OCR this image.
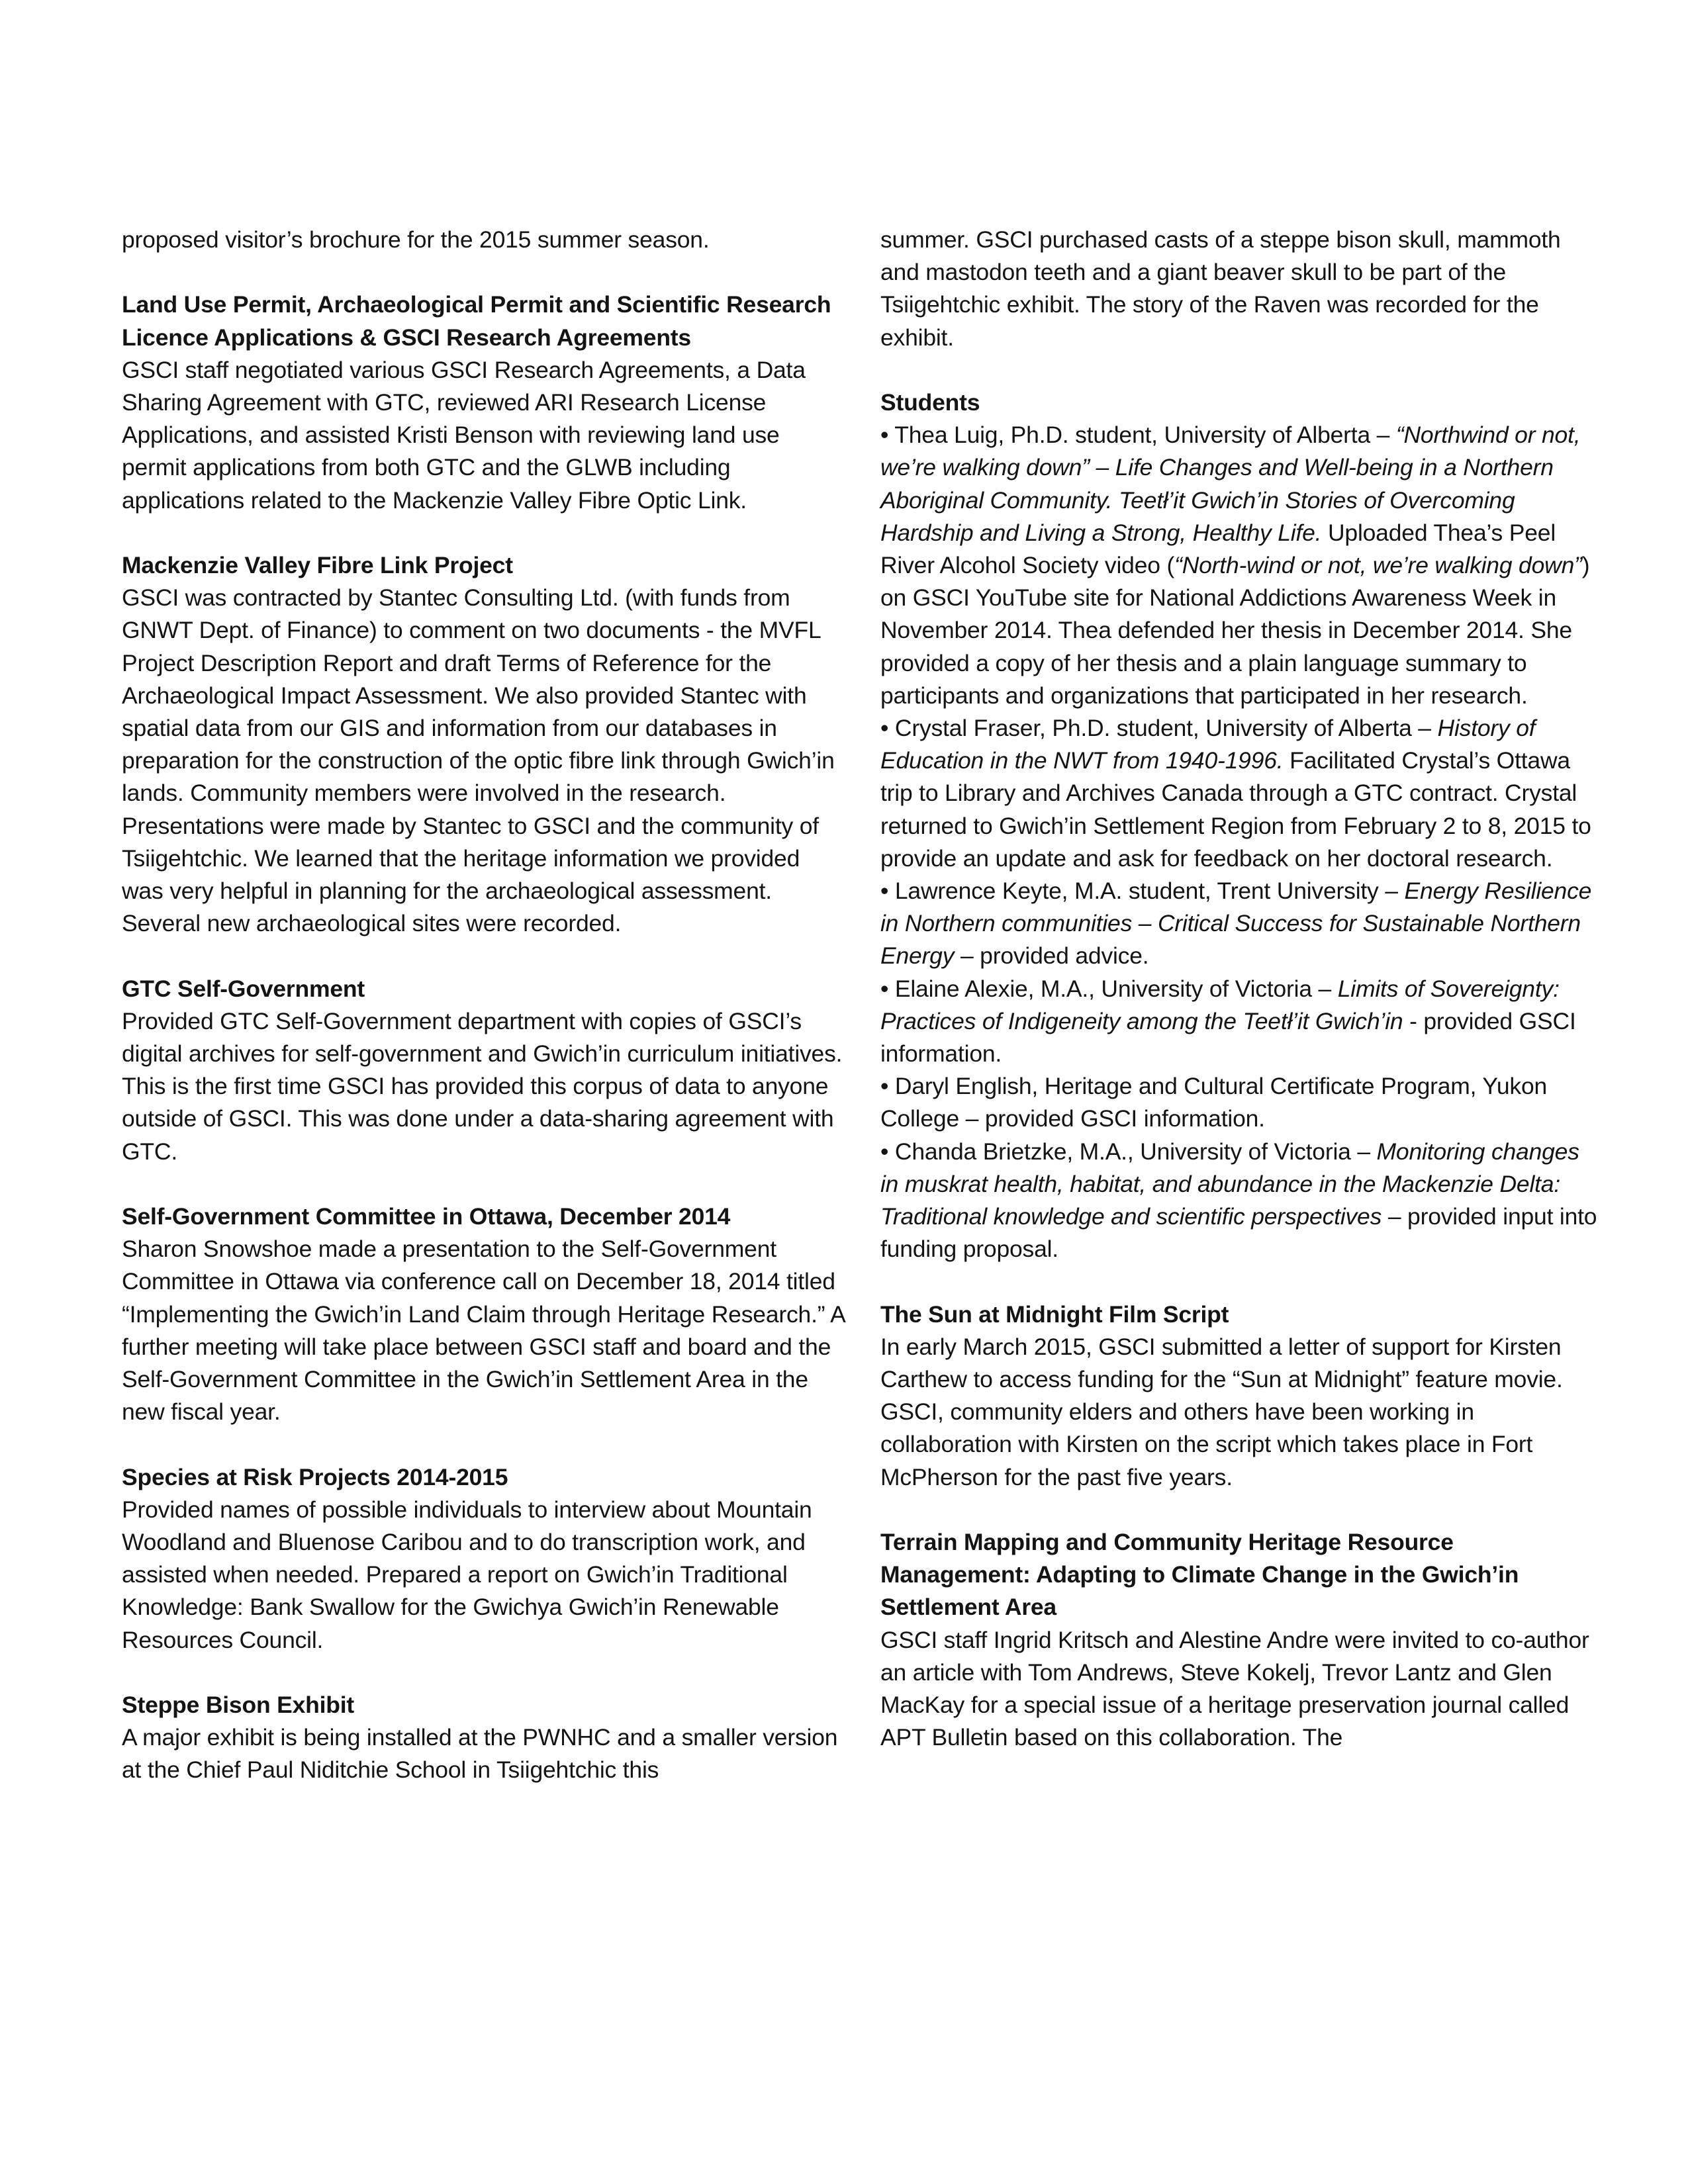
proposed visitor’s brochure for the 2015 summer season.

Land Use Permit, Archaeological Permit and Scientific Research Licence Applications & GSCI Research Agreements

GSCI staff negotiated various GSCI Research Agreements, a Data Sharing Agreement with GTC, reviewed ARI Research License Applications, and assisted Kristi Benson with reviewing land use permit applications from both GTC and the GLWB including applications related to the Mackenzie Valley Fibre Optic Link.

Mackenzie Valley Fibre Link Project

GSCI was contracted by Stantec Consulting Ltd. (with funds from GNWT Dept. of Finance) to comment on two documents - the MVFL Project Description Report and draft Terms of Reference for the Archaeological Impact Assessment. We also provided Stantec with spatial data from our GIS and information from our databases in preparation for the construction of the optic fibre link through Gwich’in lands. Community members were involved in the research. Presentations were made by Stantec to GSCI and the community of Tsiigehtchic. We learned that the heritage information we provided was very helpful in planning for the archaeological assessment. Several new archaeological sites were recorded.

GTC Self-Government

Provided GTC Self-Government department with copies of GSCI’s digital archives for self-government and Gwich’in curriculum initiatives. This is the first time GSCI has provided this corpus of data to anyone outside of GSCI. This was done under a data-sharing agreement with GTC.

Self-Government Committee in Ottawa, December 2014

Sharon Snowshoe made a presentation to the Self-Government Committee in Ottawa via conference call on December 18, 2014 titled “Implementing the Gwich’in Land Claim through Heritage Research.” A further meeting will take place between GSCI staff and board and the Self-Government Committee in the Gwich’in Settlement Area in the new fiscal year.

Species at Risk Projects 2014-2015

Provided names of possible individuals to interview about Mountain Woodland and Bluenose Caribou and to do transcription work, and assisted when needed. Prepared a report on Gwich’in Traditional Knowledge: Bank Swallow for the Gwichya Gwich’in Renewable Resources Council.

Steppe Bison Exhibit

A major exhibit is being installed at the PWNHC and a smaller version at the Chief Paul Niditchie School in Tsiigehtchic this

summer. GSCI purchased casts of a steppe bison skull, mammoth and mastodon teeth and a giant beaver skull to be part of the Tsiigehtchic exhibit. The story of the Raven was recorded for the exhibit.

Students

• Thea Luig, Ph.D. student, University of Alberta – “Northwind or not, we’re walking down” – Life Changes and Well-being in a Northern Aboriginal Community. Teetł’it Gwich’in Stories of Overcoming Hardship and Living a Strong, Healthy Life. Uploaded Thea’s Peel River Alcohol Society video (“North-wind or not, we’re walking down”) on GSCI YouTube site for National Addictions Awareness Week in November 2014. Thea defended her thesis in December 2014. She provided a copy of her thesis and a plain language summary to participants and organizations that participated in her research.

• Crystal Fraser, Ph.D. student, University of Alberta – History of Education in the NWT from 1940-1996. Facilitated Crystal’s Ottawa trip to Library and Archives Canada through a GTC contract. Crystal returned to Gwich’in Settlement Region from February 2 to 8, 2015 to provide an update and ask for feedback on her doctoral research.

• Lawrence Keyte, M.A. student, Trent University – Energy Resilience in Northern communities – Critical Success for Sustainable Northern Energy – provided advice.

• Elaine Alexie, M.A., University of Victoria – Limits of Sovereignty: Practices of Indigeneity among the Teetł’it Gwich’in - provided GSCI information.

• Daryl English, Heritage and Cultural Certificate Program, Yukon College – provided GSCI information.

• Chanda Brietzke, M.A., University of Victoria – Monitoring changes in muskrat health, habitat, and abundance in the Mackenzie Delta: Traditional knowledge and scientific perspectives – provided input into funding proposal.

The Sun at Midnight Film Script

In early March 2015, GSCI submitted a letter of support for Kirsten Carthew to access funding for the “Sun at Midnight” feature movie. GSCI, community elders and others have been working in collaboration with Kirsten on the script which takes place in Fort McPherson for the past five years.

Terrain Mapping and Community Heritage Resource Management: Adapting to Climate Change in the Gwich’in Settlement Area

GSCI staff Ingrid Kritsch and Alestine Andre were invited to co-author an article with Tom Andrews, Steve Kokelj, Trevor Lantz and Glen MacKay for a special issue of a heritage preservation journal called APT Bulletin based on this collaboration. The
